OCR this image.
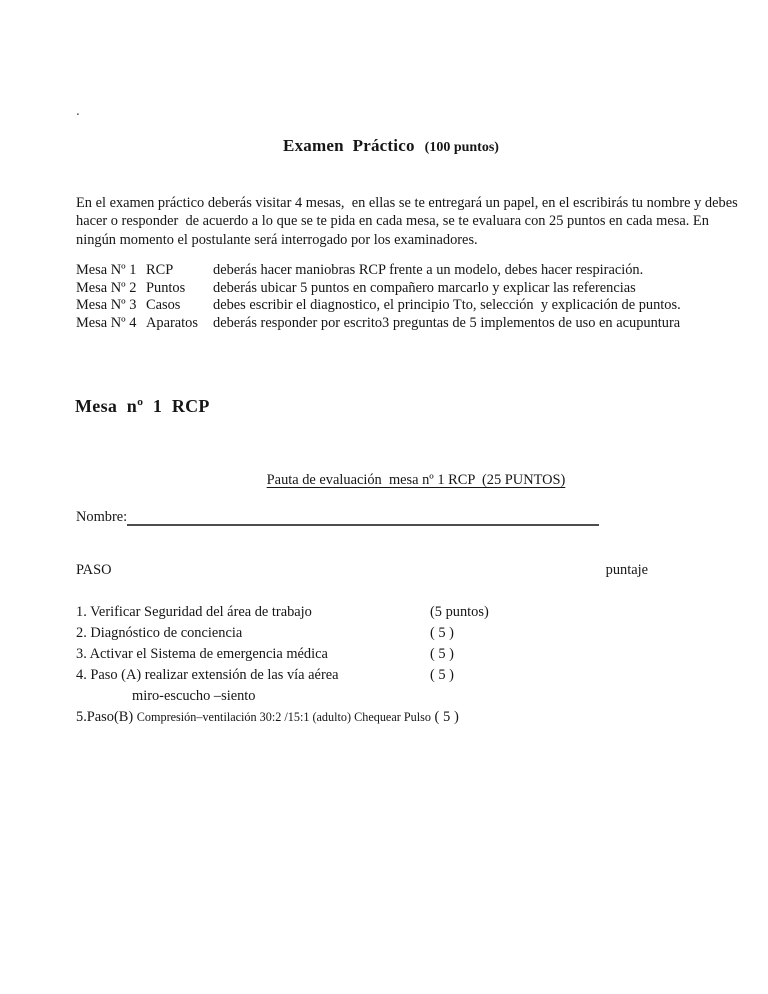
.
Examen  Práctico (100 puntos)

En el examen práctico deberás visitar 4 mesas,  en ellas se te entregará un papel, en el escribirás tu nombre y debes hacer o responder  de acuerdo a lo que se te pida en cada mesa, se te evaluara con 25 puntos en cada mesa. En ningún momento el postulante será interrogado por los examinadores.

Mesa Nº 1 RCP	deberás hacer maniobras RCP frente a un modelo, debes hacer respiración.
Mesa Nº 2 Puntos	deberás ubicar 5 puntos en compañero marcarlo y explicar las referencias
Mesa Nº 3 Casos	debes escribir el diagnostico, el principio Tto, selección  y explicación de puntos.
Mesa Nº 4 Aparatos	deberás responder por escrito3 preguntas de 5 implementos de uso en acupuntura
Mesa  nº  1  RCP
Pauta de evaluación  mesa nº 1 RCP  (25 PUNTOS)
Nombre:
PASO	puntaje
1. Verificar Seguridad del área de trabajo	(5 puntos)
2. Diagnóstico de conciencia	( 5 )
3. Activar el Sistema de emergencia médica	( 5 )
4. Paso (A) realizar extensión de las vía aérea	( 5 )
miro-escucho –siento
5.Paso(B) Compresión–ventilación 30:2 /15:1 (adulto) Chequear Pulso ( 5 )
